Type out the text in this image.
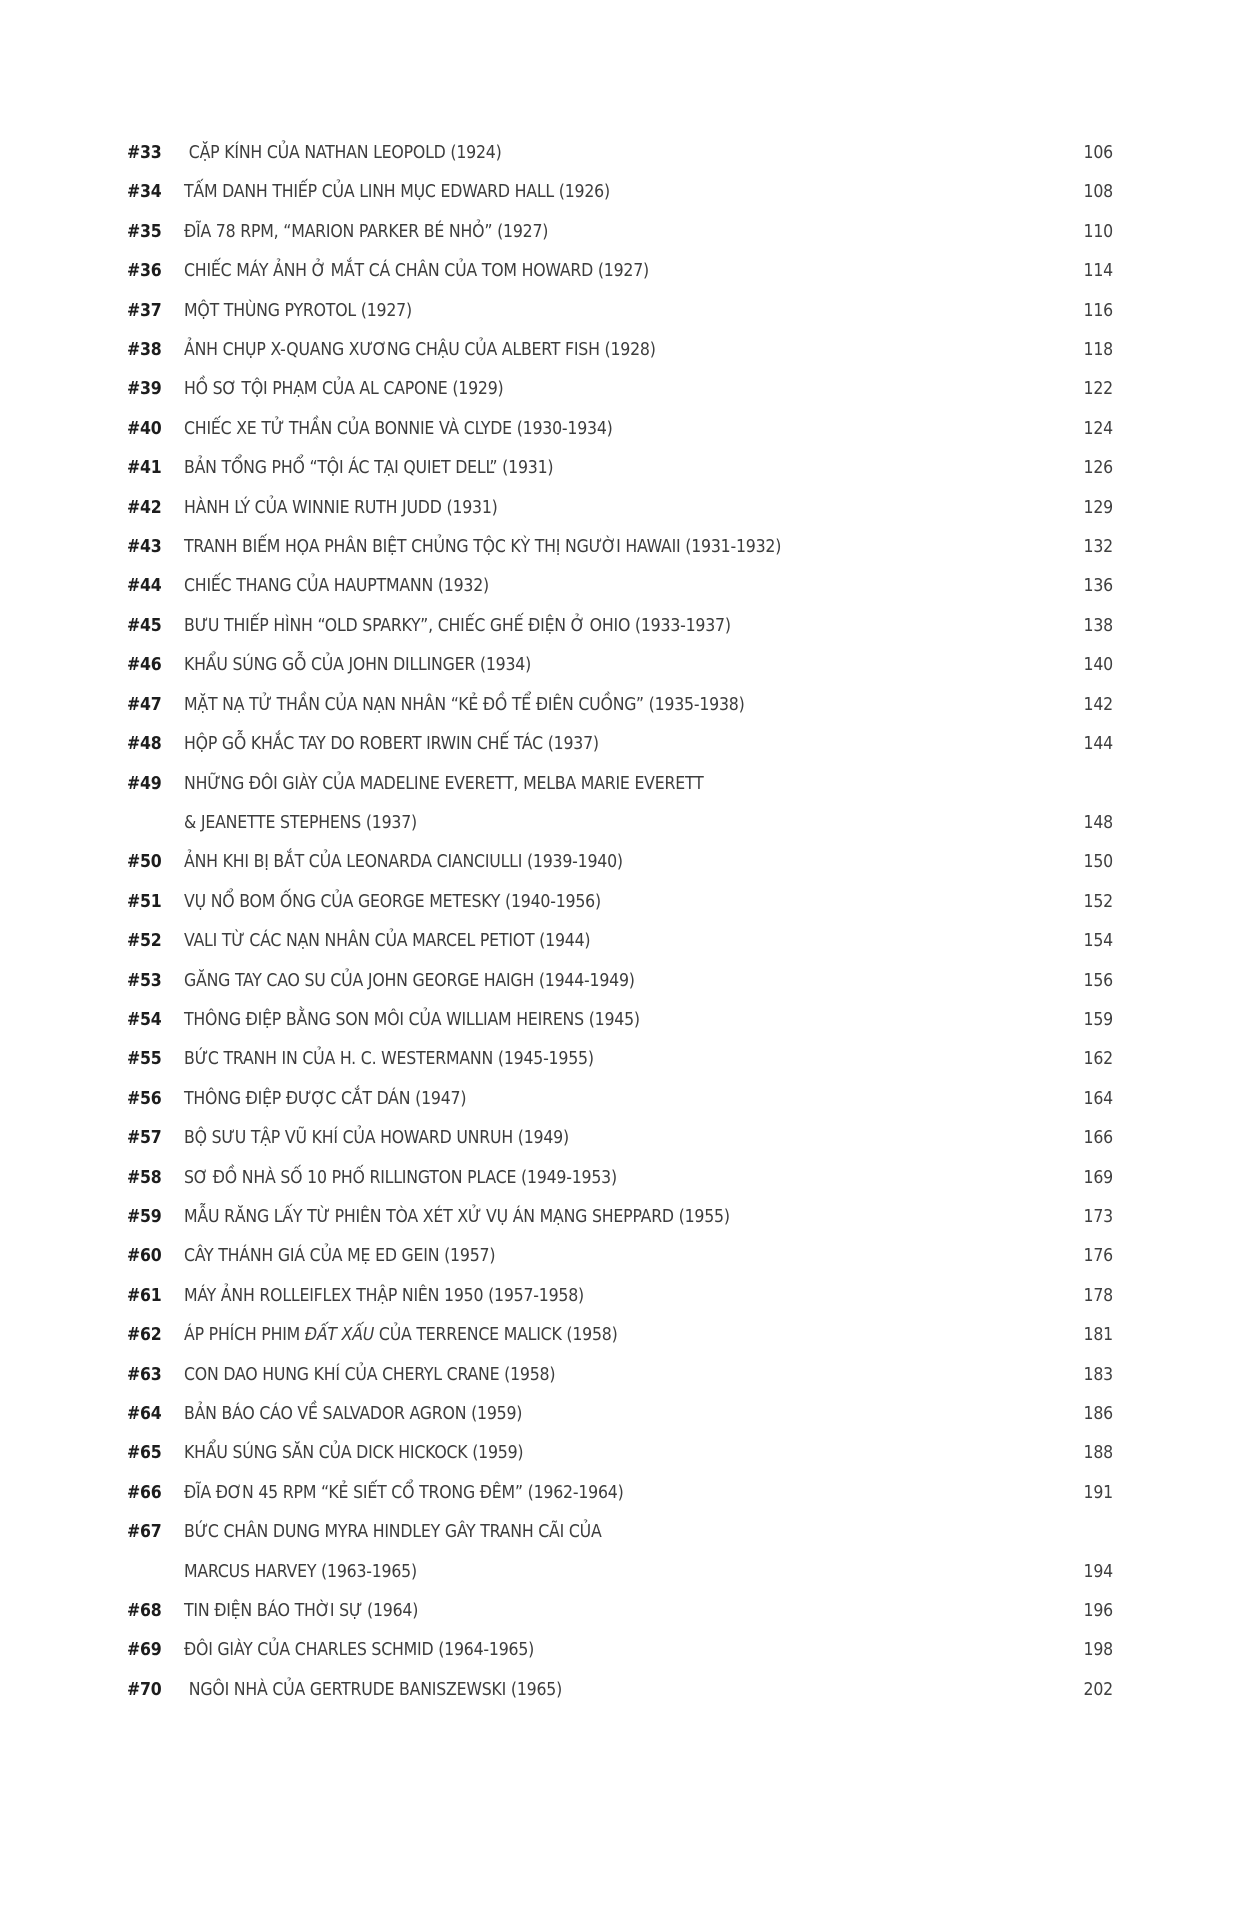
#33	CẶP KÍNH CỦA NATHAN LEOPOLD (1924)	106
#34	TẤM DANH THIẾP CỦA LINH MỤC EDWARD HALL (1926)	108
#35	ĐĨA 78 RPM, “MARION PARKER BÉ NHỎ” (1927)	110
#36	CHIẾC MÁY ẢNH Ở MẮT CÁ CHÂN CỦA TOM HOWARD (1927)	114
#37	MỘT THÙNG PYROTOL (1927)	116
#38	ẢNH CHỤP X-QUANG XƯƠNG CHẬU CỦA ALBERT FISH (1928)	118
#39	HỒ SƠ TỘI PHẠM CỦA AL CAPONE (1929)	122
#40	CHIẾC XE TỬ THẦN CỦA BONNIE VÀ CLYDE (1930-1934)	124
#41	BẢN TỔNG PHỔ “TỘI ÁC TẠI QUIET DELL” (1931)	126
#42	HÀNH LÝ CỦA WINNIE RUTH JUDD (1931)	129
#43	TRANH BIẾM HỌA PHÂN BIỆT CHỦNG TỘC KỲ THỊ NGƯỜI HAWAII (1931-1932)	132
#44	CHIẾC THANG CỦA HAUPTMANN (1932)	136
#45	BƯU THIẾP HÌNH “OLD SPARKY”, CHIẾC GHẾ ĐIỆN Ở OHIO (1933-1937)	138
#46	KHẨU SÚNG GỖ CỦA JOHN DILLINGER (1934)	140
#47	MẶT NẠ TỬ THẦN CỦA NẠN NHÂN “KẺ ĐỒ TỂ ĐIÊN CUỒNG” (1935-1938)	142
#48	HỘP GỖ KHẮC TAY DO ROBERT IRWIN CHẾ TÁC (1937)	144
#49	NHỮNG ĐÔI GIÀY CỦA MADELINE EVERETT, MELBA MARIE EVERETT
& JEANETTE STEPHENS (1937)	148
#50	ẢNH KHI BỊ BẮT CỦA LEONARDA CIANCIULLI (1939-1940)	150
#51	VỤ NỔ BOM ỐNG CỦA GEORGE METESKY (1940-1956)	152
#52	VALI TỪ CÁC NẠN NHÂN CỦA MARCEL PETIOT (1944)	154
#53	GĂNG TAY CAO SU CỦA JOHN GEORGE HAIGH (1944-1949)	156
#54	THÔNG ĐIỆP BẰNG SON MÔI CỦA WILLIAM HEIRENS (1945)	159
#55	BỨC TRANH IN CỦA H. C. WESTERMANN (1945-1955)	162
#56	THÔNG ĐIỆP ĐƯỢC CẮT DÁN (1947)	164
#57	BỘ SƯU TẬP VŨ KHÍ CỦA HOWARD UNRUH (1949)	166
#58	SƠ ĐỒ NHÀ SỐ 10 PHỐ RILLINGTON PLACE (1949-1953)	169
#59	MẪU RĂNG LẤY TỪ PHIÊN TÒA XÉT XỬ VỤ ÁN MẠNG SHEPPARD (1955)	173
#60	CÂY THÁNH GIÁ CỦA MẸ ED GEIN (1957)	176
#61	MÁY ẢNH ROLLEIFLEX THẬP NIÊN 1950 (1957-1958)	178
#62	ÁP PHÍCH PHIM ĐẤT XẤU CỦA TERRENCE MALICK (1958)	181
#63	CON DAO HUNG KHÍ CỦA CHERYL CRANE (1958)	183
#64	BẢN BÁO CÁO VỀ SALVADOR AGRON (1959)	186
#65	KHẨU SÚNG SĂN CỦA DICK HICKOCK (1959)	188
#66	ĐĨA ĐƠN 45 RPM “KẺ SIẾT CỔ TRONG ĐÊM” (1962-1964)	191
#67	BỨC CHÂN DUNG MYRA HINDLEY GÂY TRANH CÃI CỦA
MARCUS HARVEY (1963-1965)	194
#68	TIN ĐIỆN BÁO THỜI SỰ (1964)	196
#69	ĐÔI GIÀY CỦA CHARLES SCHMID (1964-1965)	198
#70	NGÔI NHÀ CỦA GERTRUDE BANISZEWSKI (1965)	202
